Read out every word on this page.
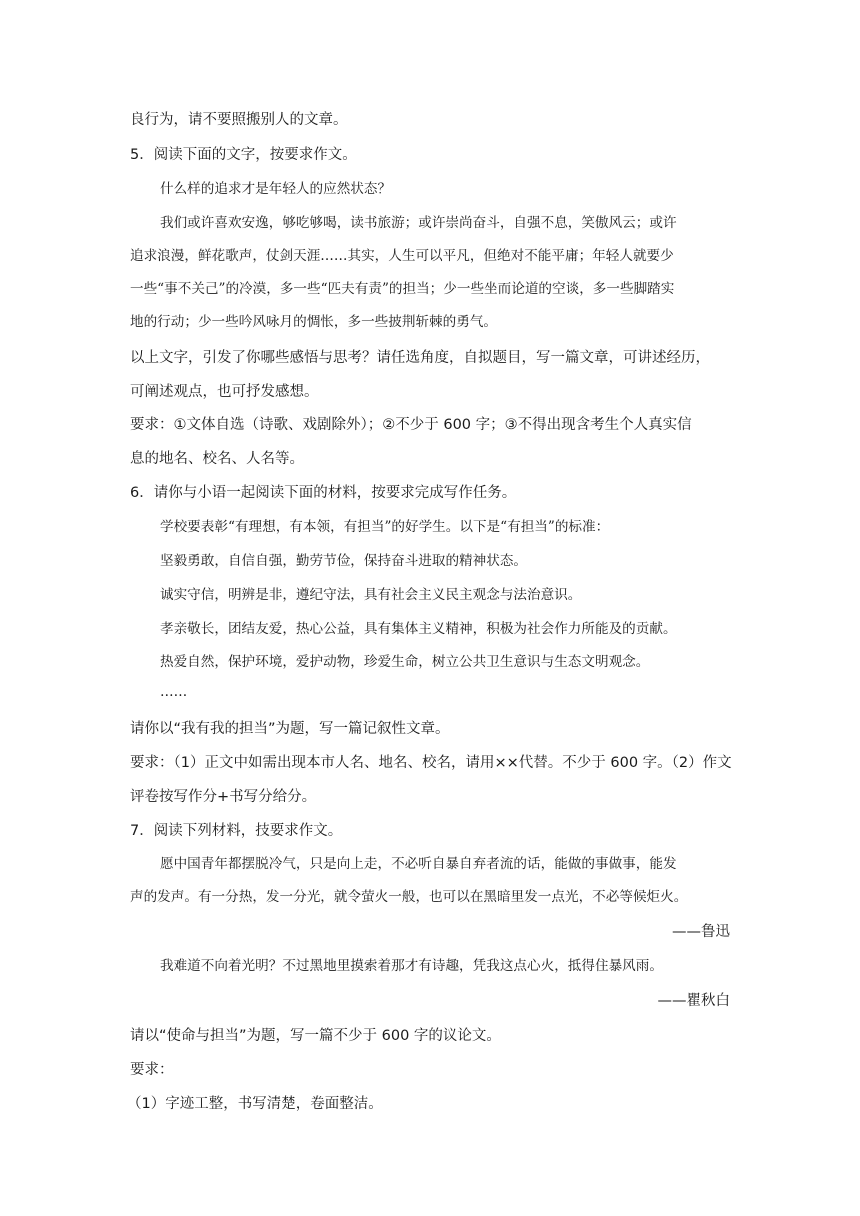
良行为，请不要照搬别人的文章。
5．阅读下面的文字，按要求作文。
什么样的追求才是年轻人的应然状态？
我们或许喜欢安逸，够吃够喝，读书旅游；或许崇尚奋斗，自强不息，笑傲风云；或许
追求浪漫，鲜花歌声，仗剑天涯……其实，人生可以平凡，但绝对不能平庸；年轻人就要少
一些“事不关己”的冷漠，多一些“匹夫有责”的担当；少一些坐而论道的空谈，多一些脚踏实
地的行动；少一些吟风咏月的惆怅，多一些披荆斩棘的勇气。
以上文字，引发了你哪些感悟与思考？请任选角度，自拟题目，写一篇文章，可讲述经历，
可阐述观点，也可抒发感想。
要求：①文体自选（诗歌、戏剧除外）；②不少于 600 字；③不得出现含考生个人真实信
息的地名、校名、人名等。
6．请你与小语一起阅读下面的材料，按要求完成写作任务。
学校要表彰“有理想，有本领，有担当”的好学生。以下是“有担当”的标准：
坚毅勇敢，自信自强，勤劳节俭，保持奋斗进取的精神状态。
诚实守信，明辨是非，遵纪守法，具有社会主义民主观念与法治意识。
孝亲敬长，团结友爱，热心公益，具有集体主义精神，积极为社会作力所能及的贡献。
热爱自然，保护环境，爱护动物，珍爱生命，树立公共卫生意识与生态文明观念。
……
请你以“我有我的担当”为题，写一篇记叙性文章。
要求：（1）正文中如需出现本市人名、地名、校名，请用××代替。不少于 600 字。（2）作文
评卷按写作分+书写分给分。
7．阅读下列材料，技要求作文。
愿中国青年都摆脱冷气，只是向上走，不必听自暴自弃者流的话，能做的事做事，能发
声的发声。有一分热，发一分光，就令萤火一般，也可以在黑暗里发一点光，不必等候炬火。
——鲁迅
我难道不向着光明？不过黑地里摸索着那才有诗趣，凭我这点心火，抵得住暴风雨。
——瞿秋白
请以“使命与担当”为题，写一篇不少于 600 字的议论文。
要求：
（1）字迹工整，书写清楚，卷面整洁。
